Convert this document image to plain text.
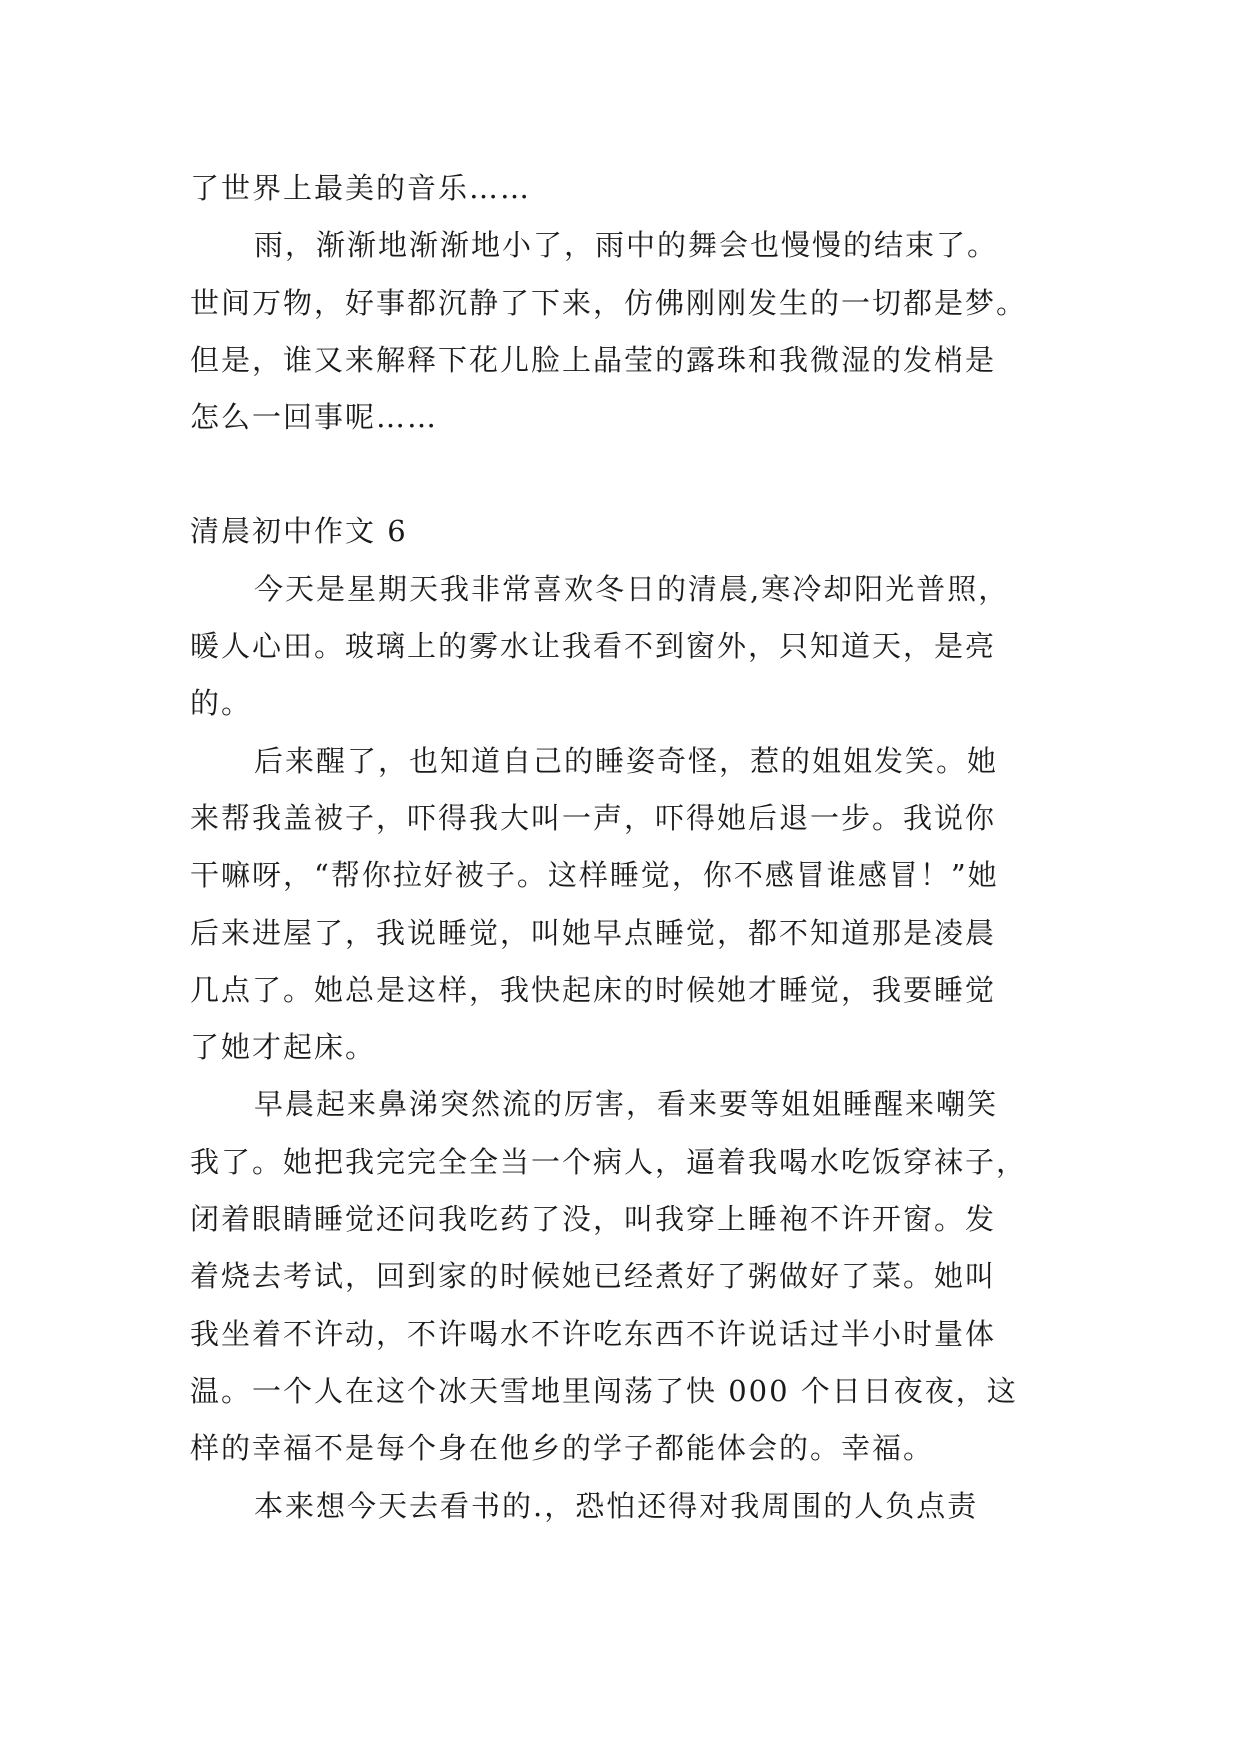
了世界上最美的音乐……
雨，渐渐地渐渐地小了，雨中的舞会也慢慢的结束了。
世间万物，好事都沉静了下来，仿佛刚刚发生的一切都是梦。
但是，谁又来解释下花儿脸上晶莹的露珠和我微湿的发梢是
怎么一回事呢……
清晨初中作文 6
今天是星期天我非常喜欢冬日的清晨,寒冷却阳光普照，
暖人心田。玻璃上的雾水让我看不到窗外，只知道天，是亮
的。
后来醒了，也知道自己的睡姿奇怪，惹的姐姐发笑。她
来帮我盖被子，吓得我大叫一声，吓得她后退一步。我说你
干嘛呀，“帮你拉好被子。这样睡觉，你不感冒谁感冒！”她
后来进屋了，我说睡觉，叫她早点睡觉，都不知道那是凌晨
几点了。她总是这样，我快起床的时候她才睡觉，我要睡觉
了她才起床。
早晨起来鼻涕突然流的厉害，看来要等姐姐睡醒来嘲笑
我了。她把我完完全全当一个病人，逼着我喝水吃饭穿袜子，
闭着眼睛睡觉还问我吃药了没，叫我穿上睡袍不许开窗。发
着烧去考试，回到家的时候她已经煮好了粥做好了菜。她叫
我坐着不许动，不许喝水不许吃东西不许说话过半小时量体
温。一个人在这个冰天雪地里闯荡了快 000 个日日夜夜，这
样的幸福不是每个身在他乡的学子都能体会的。幸福。
本来想今天去看书的.，恐怕还得对我周围的人负点责
